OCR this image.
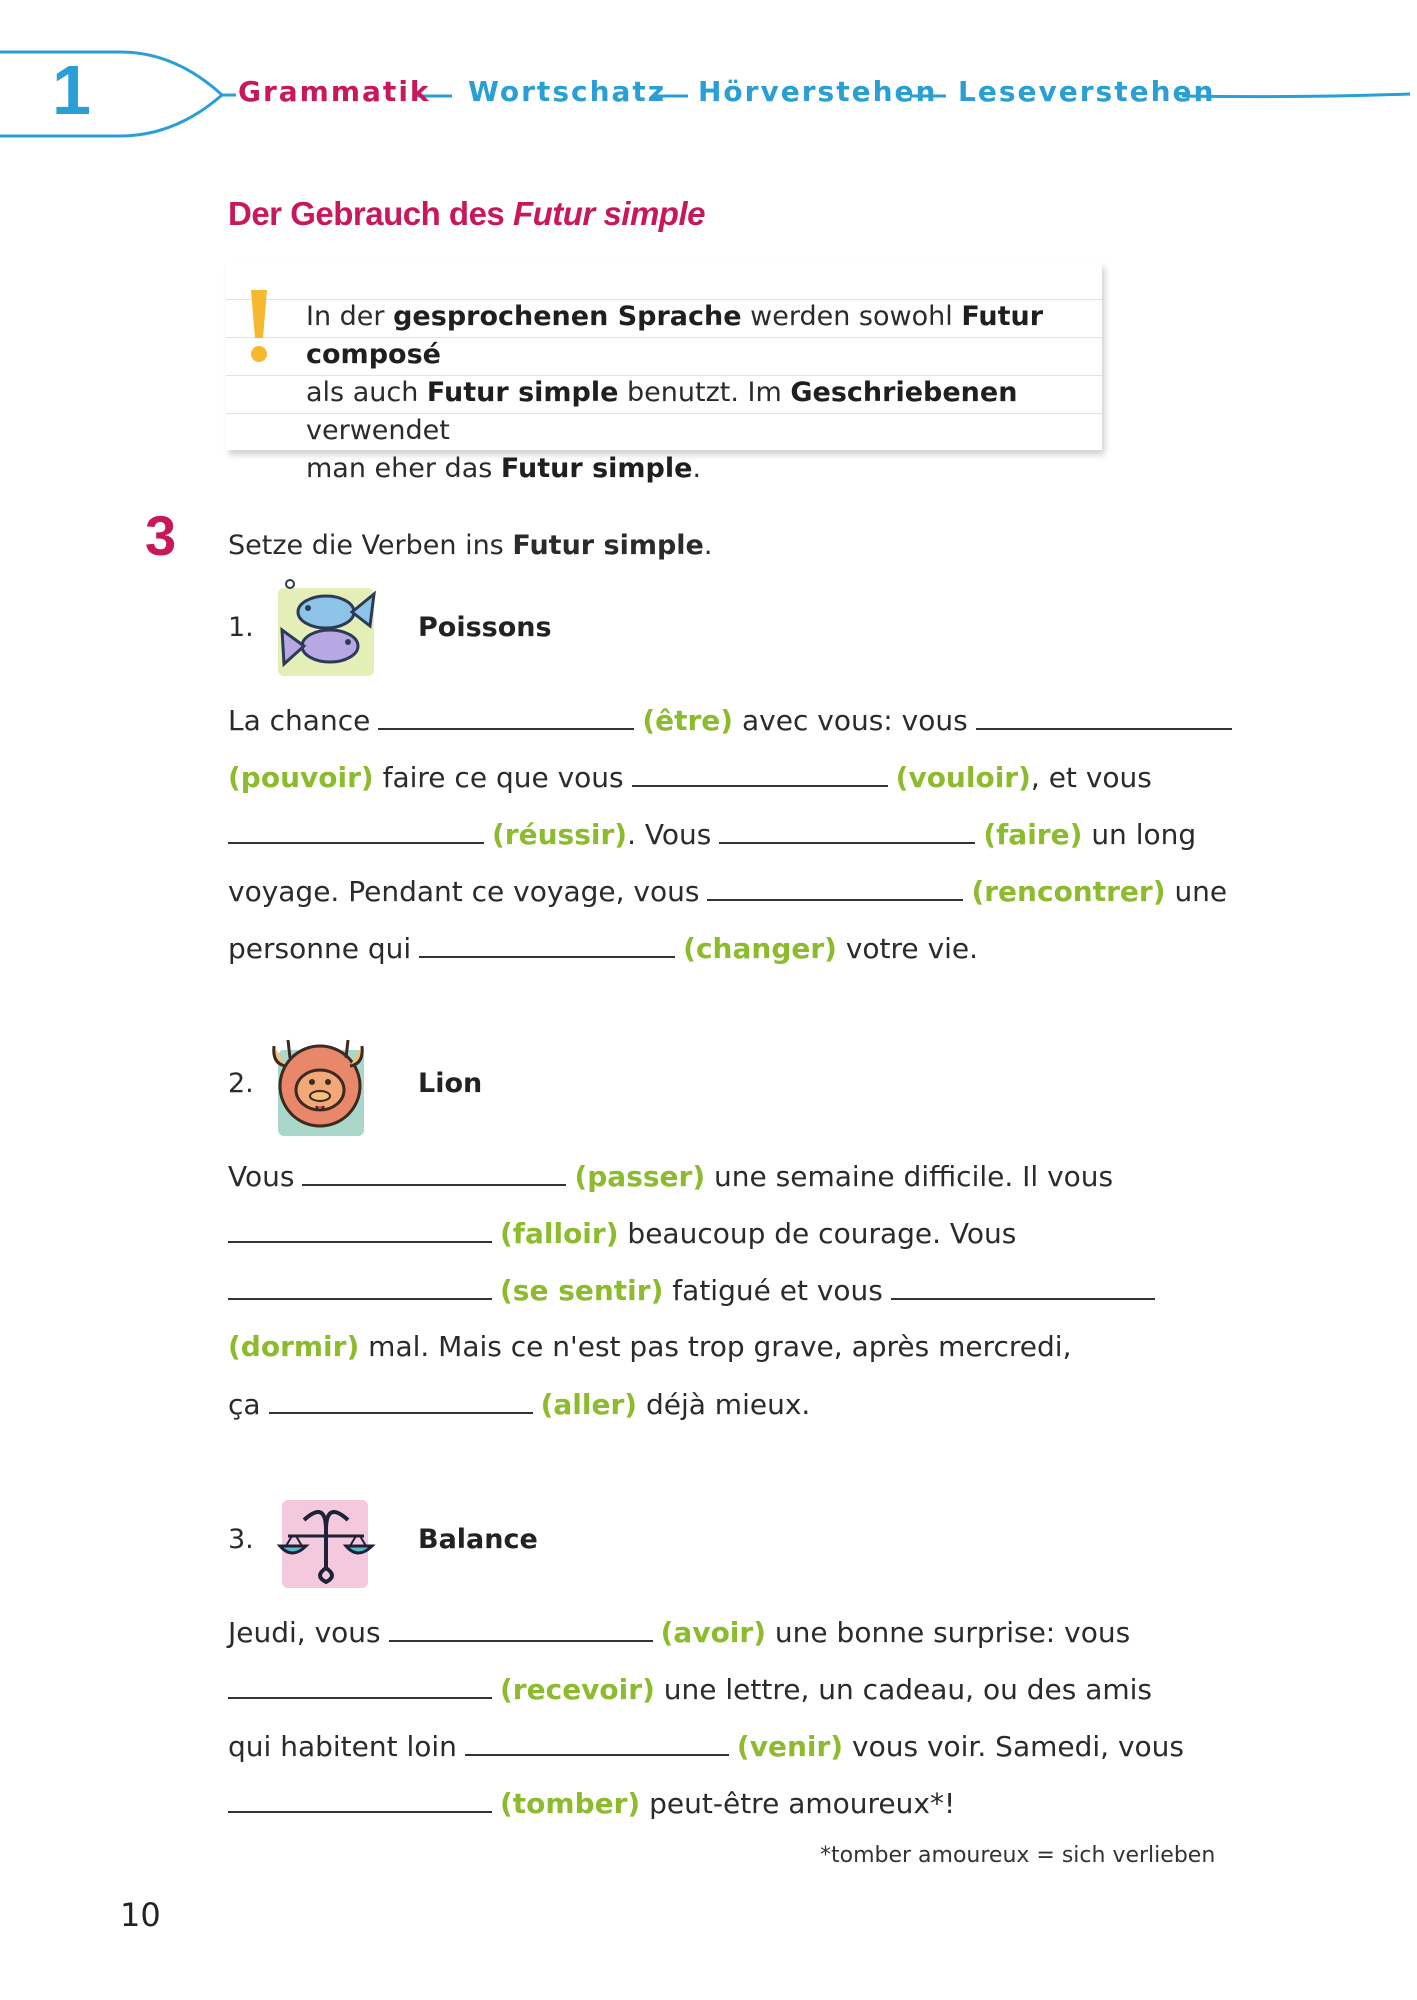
1	Grammatik Wortschatz Hörverstehen Leseverstehen
Der Gebrauch des Futur simple
In der gesprochenen Sprache werden sowohl Futur composé
als auch Futur simple benutzt. Im Geschriebenen verwendet
man eher das Futur simple.
3 Setze die Verben ins Futur simple.
1.	Poissons
La chance	(être) avec vous: vous
(pouvoir) faire ce que vous	(vouloir), et vous
(réussir). Vous	(faire) un long
voyage. Pendant ce voyage, vous	(rencontrer) une
personne qui	(changer) votre vie.
2.	Lion
Vous	(passer) une semaine difficile. Il vous
(falloir) beaucoup de courage. Vous
(se sentir) fatigué et vous
(dormir) mal. Mais ce n'est pas trop grave, après mercredi,
ça	(aller) déjà mieux.
3.	Balance
Jeudi, vous	(avoir) une bonne surprise: vous
(recevoir) une lettre, un cadeau, ou des amis
qui habitent loin	(venir) vous voir. Samedi, vous
(tomber) peut-être amoureux*!
*tomber amoureux = sich verlieben
10
